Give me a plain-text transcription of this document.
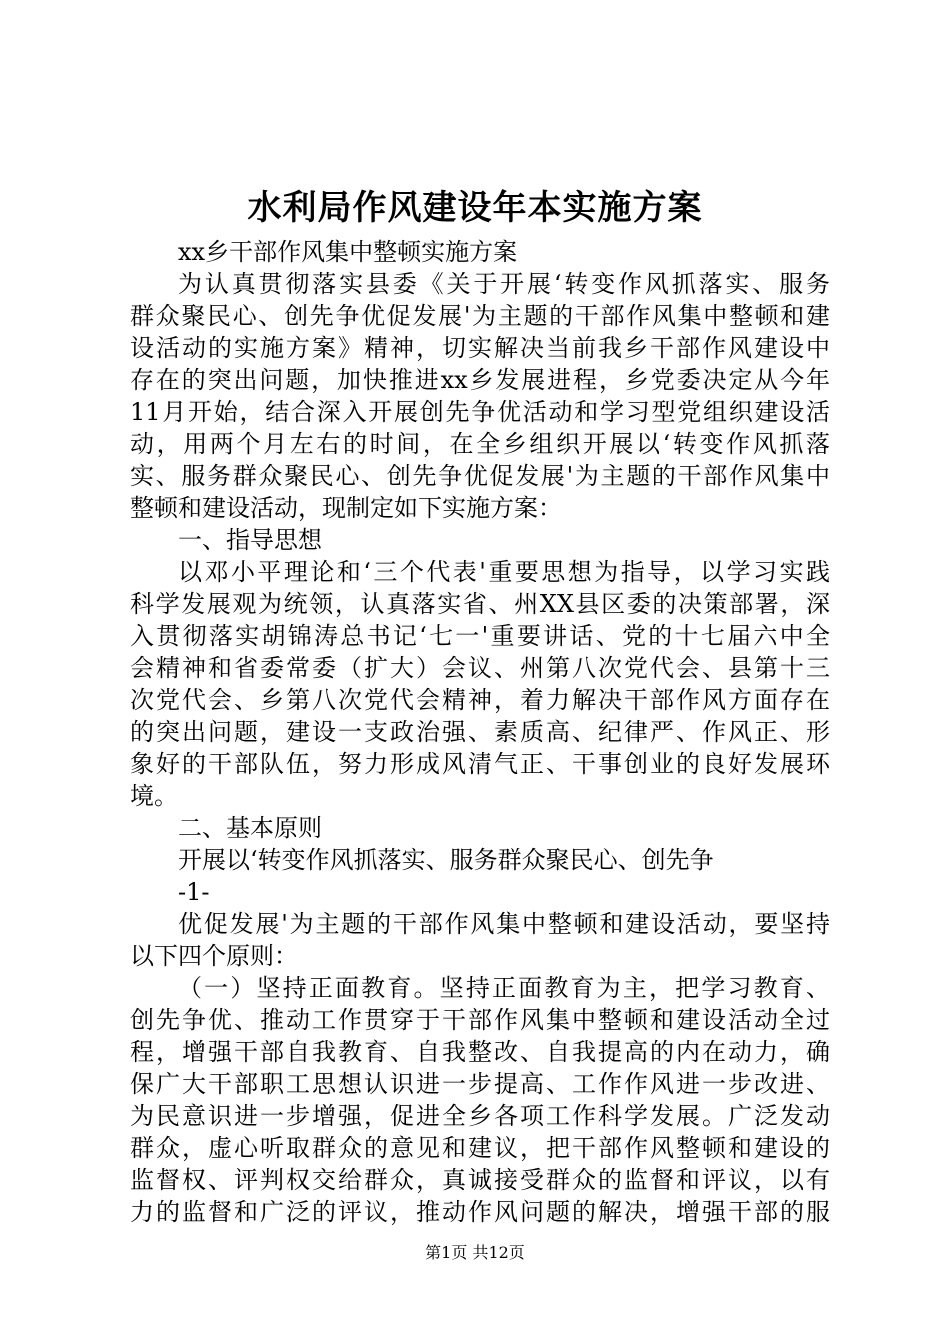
水利局作风建设年本实施方案
xx乡干部作风集中整顿实施方案
为认真贯彻落实县委《关于开展‘转变作风抓落实、服务
群众聚民心、创先争优促发展'为主题的干部作风集中整顿和建
设活动的实施方案》精神，切实解决当前我乡干部作风建设中
存在的突出问题，加快推进xx乡发展进程，乡党委决定从今年
11月开始，结合深入开展创先争优活动和学习型党组织建设活
动，用两个月左右的时间，在全乡组织开展以‘转变作风抓落
实、服务群众聚民心、创先争优促发展'为主题的干部作风集中
整顿和建设活动，现制定如下实施方案：
一、指导思想
以邓小平理论和‘三个代表'重要思想为指导，以学习实践
科学发展观为统领，认真落实省、州XX县区委的决策部署，深
入贯彻落实胡锦涛总书记‘七一'重要讲话、党的十七届六中全
会精神和省委常委（扩大）会议、州第八次党代会、县第十三
次党代会、乡第八次党代会精神，着力解决干部作风方面存在
的突出问题，建设一支政治强、素质高、纪律严、作风正、形
象好的干部队伍，努力形成风清气正、干事创业的良好发展环
境。
二、基本原则
开展以‘转变作风抓落实、服务群众聚民心、创先争
-1-
优促发展'为主题的干部作风集中整顿和建设活动，要坚持
以下四个原则：
（一）坚持正面教育。坚持正面教育为主，把学习教育、
创先争优、推动工作贯穿于干部作风集中整顿和建设活动全过
程，增强干部自我教育、自我整改、自我提高的内在动力，确
保广大干部职工思想认识进一步提高、工作作风进一步改进、
为民意识进一步增强，促进全乡各项工作科学发展。广泛发动
群众，虚心听取群众的意见和建议，把干部作风整顿和建设的
监督权、评判权交给群众，真诚接受群众的监督和评议，以有
力的监督和广泛的评议，推动作风问题的解决，增强干部的服
第1页 共12页
